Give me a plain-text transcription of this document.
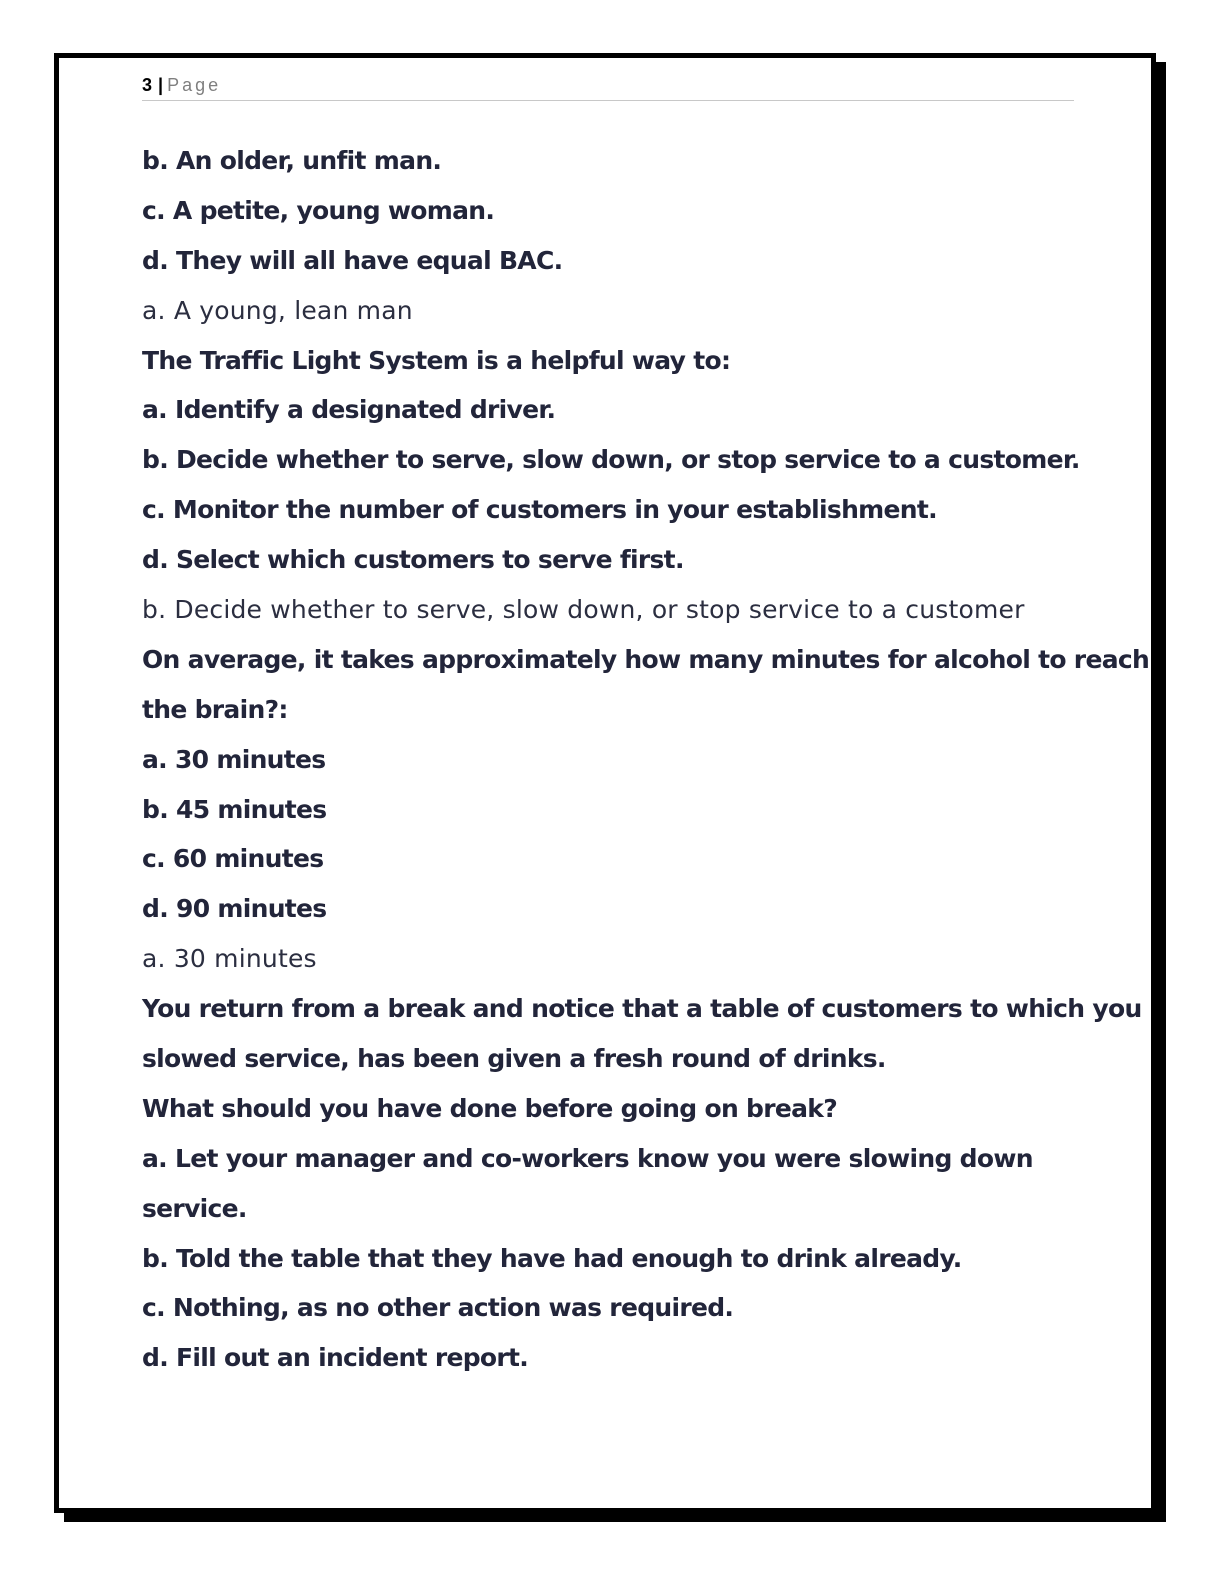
3 | Page
b. An older, unfit man.
c. A petite, young woman.
d. They will all have equal BAC.
a. A young, lean man
The Traffic Light System is a helpful way to:
a. Identify a designated driver.
b. Decide whether to serve, slow down, or stop service to a customer.
c. Monitor the number of customers in your establishment.
d. Select which customers to serve first.
b. Decide whether to serve, slow down, or stop service to a customer
On average, it takes approximately how many minutes for alcohol to reach
the brain?:
a. 30 minutes
b. 45 minutes
c. 60 minutes
d. 90 minutes
a. 30 minutes
You return from a break and notice that a table of customers to which you
slowed service, has been given a fresh round of drinks.
What should you have done before going on break?
a. Let your manager and co-workers know you were slowing down
service.
b. Told the table that they have had enough to drink already.
c. Nothing, as no other action was required.
d. Fill out an incident report.
